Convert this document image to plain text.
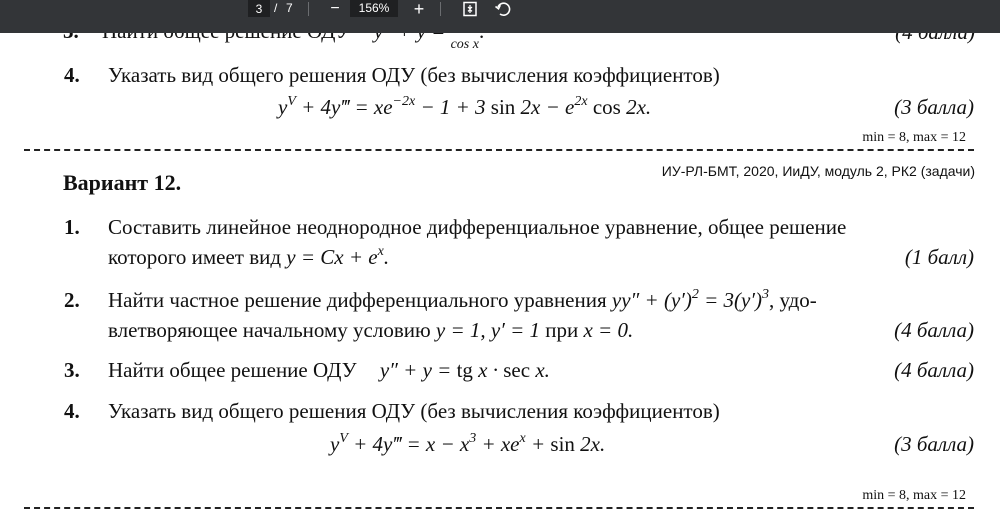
3
/ 7 −	156%	+
$_{cos x}$
4. Указать вид общего решения ОДУ (без вычисления коэффициентов)
$y^V$ + 4y‴ = $xe^{-2x} - 1 + 3$ $\sin 2x - e^{2x}$ cos 2x.	(3 балла)
min = 8, max = 12
Вариант 12.	ИУ-РЛ-БМТ, 2020, ИиДУ, модуль 2, РК2 (задачи)
1. Составить линейное неоднородное дифференциальное уравнение, общее решение
которого имеет вид $y = Cx + e^x$.	(1 балл)
2. Найти частное решение дифференциального уравнения $yy'' + (y')^2 = 3(y')^3$, удо-
влетворяющее начальному условию y = 1, y′ = 1 при x = 0.	(4 балла)
3. Найти общее решение ОДУ y″ + y = tg x · sec x.	(4 балла)
4. Указать вид общего решения ОДУ (без вычисления коэффициентов)
$y^V$ + 4y‴ = $x - x^3 + xe^x + \sin 2x$.	(3 балла)
min = 8, max = 12
